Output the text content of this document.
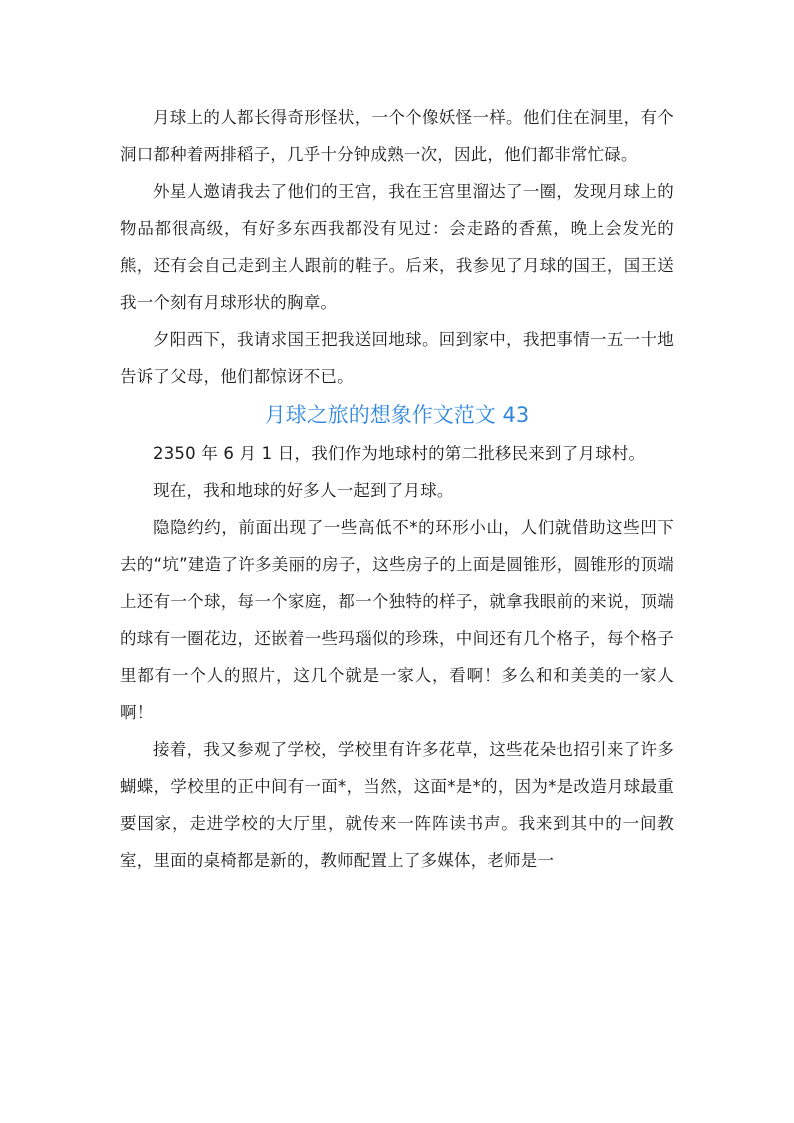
月球上的人都长得奇形怪状，一个个像妖怪一样。他们住在洞里，有个洞口都种着两排稻子，几乎十分钟成熟一次，因此，他们都非常忙碌。

外星人邀请我去了他们的王宫，我在王宫里溜达了一圈，发现月球上的物品都很高级，有好多东西我都没有见过：会走路的香蕉，晚上会发光的熊，还有会自己走到主人跟前的鞋子。后来，我参见了月球的国王，国王送我一个刻有月球形状的胸章。

夕阳西下，我请求国王把我送回地球。回到家中，我把事情一五一十地告诉了父母，他们都惊讶不已。

月球之旅的想象作文范文 43

2350 年 6 月 1 日，我们作为地球村的第二批移民来到了月球村。

现在，我和地球的好多人一起到了月球。

隐隐约约，前面出现了一些高低不*的环形小山，人们就借助这些凹下去的“坑”建造了许多美丽的房子，这些房子的上面是圆锥形，圆锥形的顶端上还有一个球，每一个家庭，都一个独特的样子，就拿我眼前的来说，顶端的球有一圈花边，还嵌着一些玛瑙似的珍珠，中间还有几个格子，每个格子里都有一个人的照片，这几个就是一家人，看啊！多么和和美美的一家人啊！

接着，我又参观了学校，学校里有许多花草，这些花朵也招引来了许多蝴蝶，学校里的正中间有一面*，当然，这面*是*的，因为*是改造月球最重要国家，走进学校的大厅里，就传来一阵阵读书声。我来到其中的一间教室，里面的桌椅都是新的，教师配置上了多媒体，老师是一
